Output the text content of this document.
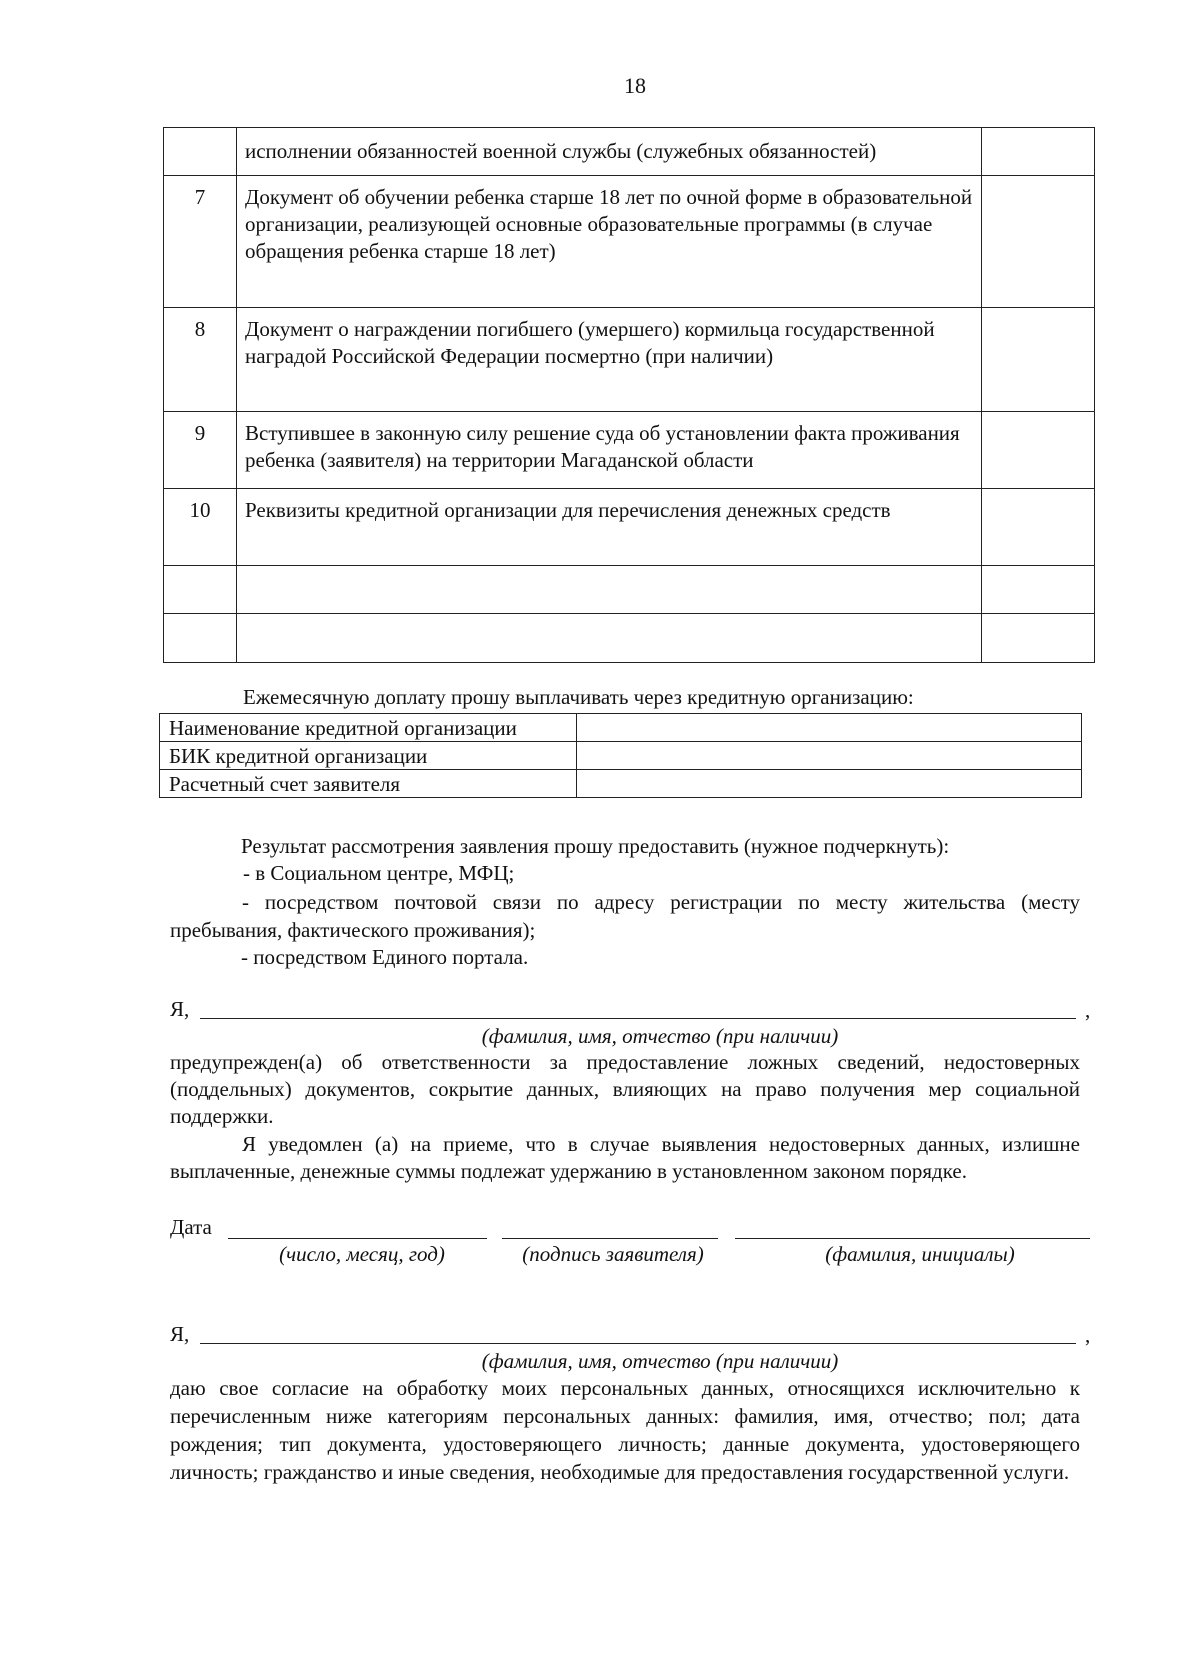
18
	исполнении обязанностей военной службы (служебных обязанностей)	
7	Документ об обучении ребенка старше 18 лет по очной форме в образовательной организации, реализующей основные образовательные программы (в случае обращения ребенка старше 18 лет)	
8	Документ о награждении погибшего (умершего) кормильца государственной наградой Российской Федерации посмертно (при наличии)	
9	Вступившее в законную силу решение суда об установлении факта проживания ребенка (заявителя) на территории Магаданской области	
10	Реквизиты кредитной организации для перечисления денежных средств	

Ежемесячную доплату прошу выплачивать через кредитную организацию:
Наименование кредитной организации	
БИК кредитной организации	
Расчетный счет заявителя	
Результат рассмотрения заявления прошу предоставить (нужное подчеркнуть):
- в Социальном центре, МФЦ;
- посредством почтовой связи по адресу регистрации по месту жительства (месту пребывания, фактического проживания);
- посредством Единого портала.
Я,	,
(фамилия, имя, отчество (при наличии)
предупрежден(а) об ответственности за предоставление ложных сведений, недостоверных (поддельных) документов, сокрытие данных, влияющих на право получения мер социальной поддержки.
Я уведомлен (а) на приеме, что в случае выявления недостоверных данных, излишне выплаченные, денежные суммы подлежат удержанию в установленном законом порядке.
Дата
(число, месяц, год)	(подпись заявителя)	(фамилия, инициалы)
Я,	,
(фамилия, имя, отчество (при наличии)
даю свое согласие на обработку моих персональных данных, относящихся исключительно к перечисленным ниже категориям персональных данных: фамилия, имя, отчество; пол; дата рождения; тип документа, удостоверяющего личность; данные документа, удостоверяющего личность; гражданство и иные сведения, необходимые для предоставления государственной услуги.
